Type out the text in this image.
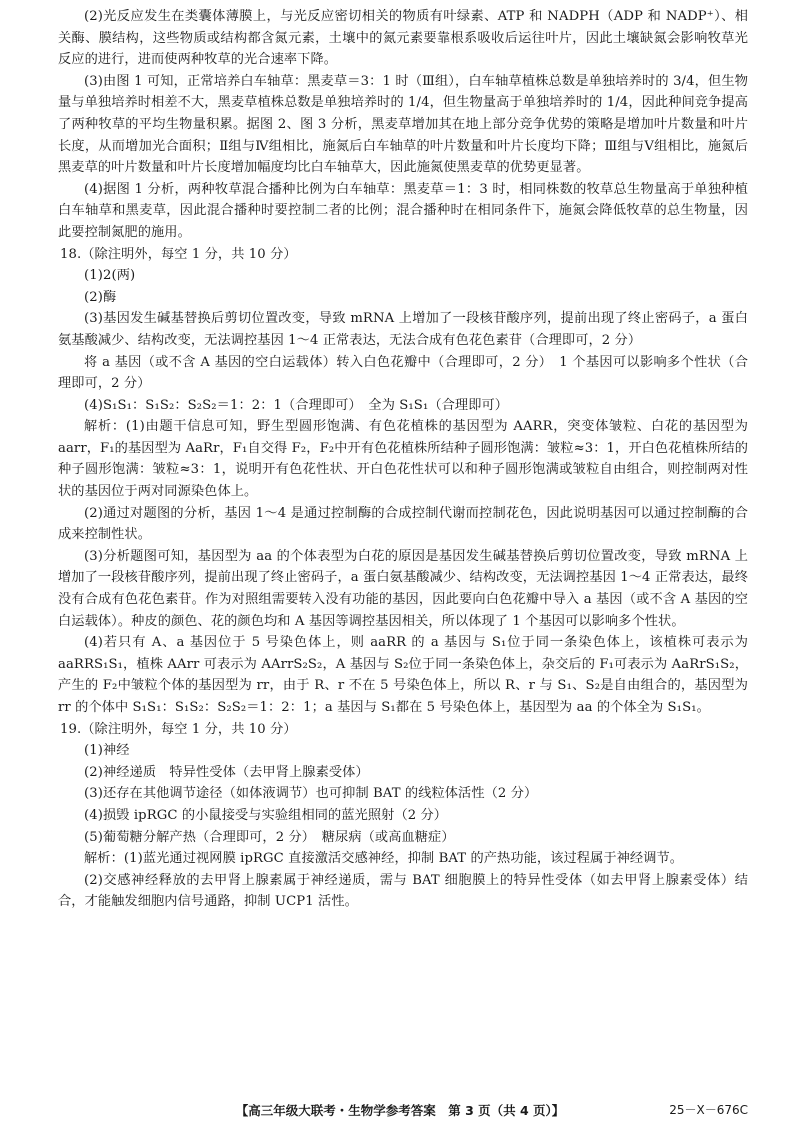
(2)光反应发生在类囊体薄膜上，与光反应密切相关的物质有叶绿素、ATP 和 NADPH（ADP 和 NADP⁺）、相关酶、膜结构，这些物质或结构都含氮元素，土壤中的氮元素要靠根系吸收后运往叶片，因此土壤缺氮会影响牧草光反应的进行，进而使两种牧草的光合速率下降。

(3)由图 1 可知，正常培养白车轴草：黑麦草＝3：1 时（Ⅲ组），白车轴草植株总数是单独培养时的 3/4，但生物量与单独培养时相差不大，黑麦草植株总数是单独培养时的 1/4，但生物量高于单独培养时的 1/4，因此种间竞争提高了两种牧草的平均生物量积累。据图 2、图 3 分析，黑麦草增加其在地上部分竞争优势的策略是增加叶片数量和叶片长度，从而增加光合面积；Ⅱ组与Ⅳ组相比，施氮后白车轴草的叶片数量和叶片长度均下降；Ⅲ组与Ⅴ组相比，施氮后黑麦草的叶片数量和叶片长度增加幅度均比白车轴草大，因此施氮使黑麦草的优势更显著。

(4)据图 1 分析，两种牧草混合播种比例为白车轴草：黑麦草＝1：3 时，相同株数的牧草总生物量高于单独种植白车轴草和黑麦草，因此混合播种时要控制二者的比例；混合播种时在相同条件下，施氮会降低牧草的总生物量，因此要控制氮肥的施用。

18.（除注明外，每空 1 分，共 10 分）

(1)2(两)

(2)酶

(3)基因发生碱基替换后剪切位置改变，导致 mRNA 上增加了一段核苷酸序列，提前出现了终止密码子，a 蛋白氨基酸减少、结构改变，无法调控基因 1～4 正常表达，无法合成有色花色素苷（合理即可，2 分）

将 a 基因（或不含 A 基因的空白运载体）转入白色花瓣中（合理即可，2 分）　1 个基因可以影响多个性状（合理即可，2 分）

(4)S₁S₁：S₁S₂：S₂S₂＝1：2：1（合理即可）　全为 S₁S₁（合理即可）

解析：(1)由题干信息可知，野生型圆形饱满、有色花植株的基因型为 AARR，突变体皱粒、白花的基因型为 aarr，F₁的基因型为 AaRr，F₁自交得 F₂，F₂中开有色花植株所结种子圆形饱满：皱粒≈3：1，开白色花植株所结的种子圆形饱满：皱粒≈3：1，说明开有色花性状、开白色花性状可以和种子圆形饱满或皱粒自由组合，则控制两对性状的基因位于两对同源染色体上。

(2)通过对题图的分析，基因 1～4 是通过控制酶的合成控制代谢而控制花色，因此说明基因可以通过控制酶的合成来控制性状。

(3)分析题图可知，基因型为 aa 的个体表型为白花的原因是基因发生碱基替换后剪切位置改变，导致 mRNA 上增加了一段核苷酸序列，提前出现了终止密码子，a 蛋白氨基酸减少、结构改变，无法调控基因 1～4 正常表达，最终没有合成有色花色素苷。作为对照组需要转入没有功能的基因，因此要向白色花瓣中导入 a 基因（或不含 A 基因的空白运载体）。种皮的颜色、花的颜色均和 A 基因等调控基因相关，所以体现了 1 个基因可以影响多个性状。

(4)若只有 A、a 基因位于 5 号染色体上，则 aaRR 的 a 基因与 S₁位于同一条染色体上，该植株可表示为 aaRRS₁S₁，植株 AArr 可表示为 AArrS₂S₂，A 基因与 S₂位于同一条染色体上，杂交后的 F₁可表示为 AaRrS₁S₂，产生的 F₂中皱粒个体的基因型为 rr，由于 R、r 不在 5 号染色体上，所以 R、r 与 S₁、S₂是自由组合的，基因型为 rr 的个体中 S₁S₁：S₁S₂：S₂S₂＝1：2：1；a 基因与 S₁都在 5 号染色体上，基因型为 aa 的个体全为 S₁S₁。

19.（除注明外，每空 1 分，共 10 分）

(1)神经

(2)神经递质　特异性受体（去甲肾上腺素受体）

(3)还存在其他调节途径（如体液调节）也可抑制 BAT 的线粒体活性（2 分）

(4)损毁 ipRGC 的小鼠接受与实验组相同的蓝光照射（2 分）

(5)葡萄糖分解产热（合理即可，2 分）　糖尿病（或高血糖症）

解析：(1)蓝光通过视网膜 ipRGC 直接激活交感神经，抑制 BAT 的产热功能，该过程属于神经调节。

(2)交感神经释放的去甲肾上腺素属于神经递质，需与 BAT 细胞膜上的特异性受体（如去甲肾上腺素受体）结合，才能触发细胞内信号通路，抑制 UCP1 活性。

【高三年级大联考・生物学参考答案　第 3 页（共 4 页）】	25－X－676C
